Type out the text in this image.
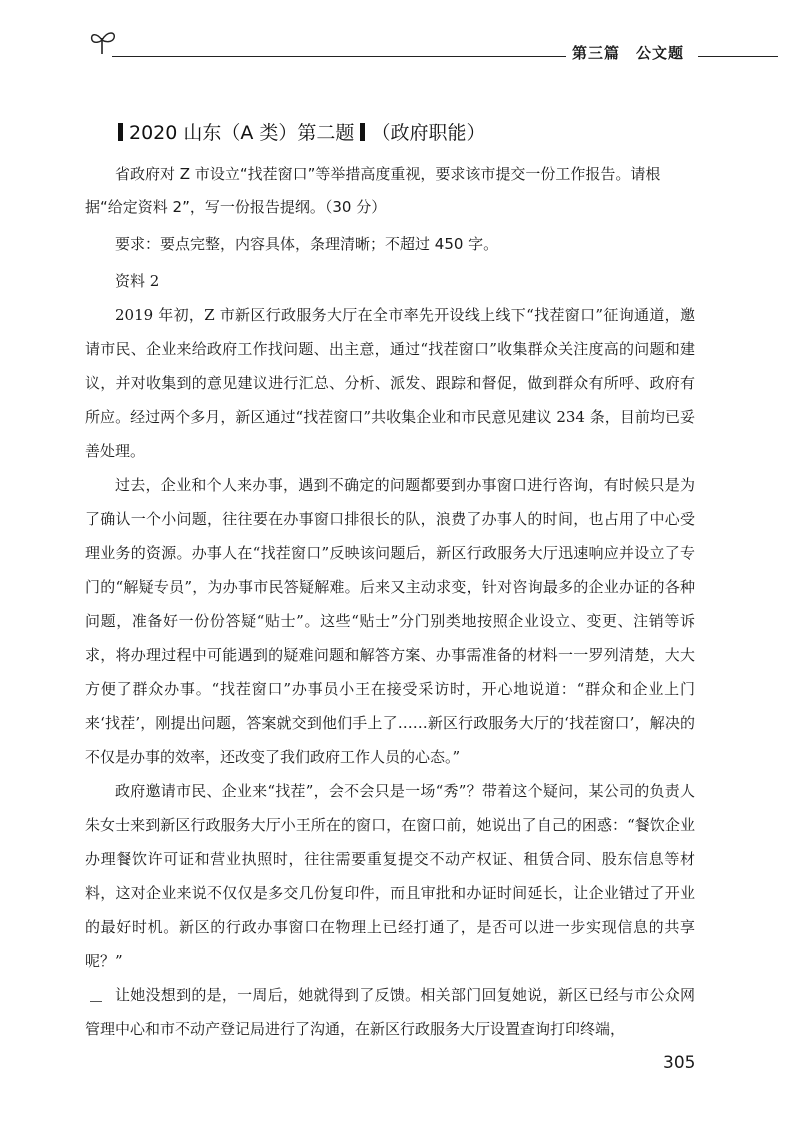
第三篇　公文题
2020 山东（A 类）第二题 （政府职能）

省政府对 Z 市设立“找茬窗口”等举措高度重视，要求该市提交一份工作报告。请根据“给定资料 2”，写一份报告提纲。（30 分）

要求：要点完整，内容具体，条理清晰；不超过 450 字。

资料 2

2019 年初，Z 市新区行政服务大厅在全市率先开设线上线下“找茬窗口”征询通道，邀请市民、企业来给政府工作找问题、出主意，通过“找茬窗口”收集群众关注度高的问题和建议，并对收集到的意见建议进行汇总、分析、派发、跟踪和督促，做到群众有所呼、政府有所应。经过两个多月，新区通过“找茬窗口”共收集企业和市民意见建议 234 条，目前均已妥善处理。

过去，企业和个人来办事，遇到不确定的问题都要到办事窗口进行咨询，有时候只是为了确认一个小问题，往往要在办事窗口排很长的队，浪费了办事人的时间，也占用了中心受理业务的资源。办事人在“找茬窗口”反映该问题后，新区行政服务大厅迅速响应并设立了专门的“解疑专员”，为办事市民答疑解难。后来又主动求变，针对咨询最多的企业办证的各种问题，准备好一份份答疑“贴士”。这些“贴士”分门别类地按照企业设立、变更、注销等诉求，将办理过程中可能遇到的疑难问题和解答方案、办事需准备的材料一一罗列清楚，大大方便了群众办事。“找茬窗口”办事员小王在接受采访时，开心地说道：“群众和企业上门来‘找茬’，刚提出问题，答案就交到他们手上了……新区行政服务大厅的‘找茬窗口’，解决的不仅是办事的效率，还改变了我们政府工作人员的心态。”

政府邀请市民、企业来“找茬”，会不会只是一场“秀”？带着这个疑问，某公司的负责人朱女士来到新区行政服务大厅小王所在的窗口，在窗口前，她说出了自己的困惑：“餐饮企业办理餐饮许可证和营业执照时，往往需要重复提交不动产权证、租赁合同、股东信息等材料，这对企业来说不仅仅是多交几份复印件，而且审批和办证时间延长，让企业错过了开业的最好时机。新区的行政办事窗口在物理上已经打通了，是否可以进一步实现信息的共享呢？”

让她没想到的是，一周后，她就得到了反馈。相关部门回复她说，新区已经与市公众网管理中心和市不动产登记局进行了沟通，在新区行政服务大厅设置查询打印终端，

305
